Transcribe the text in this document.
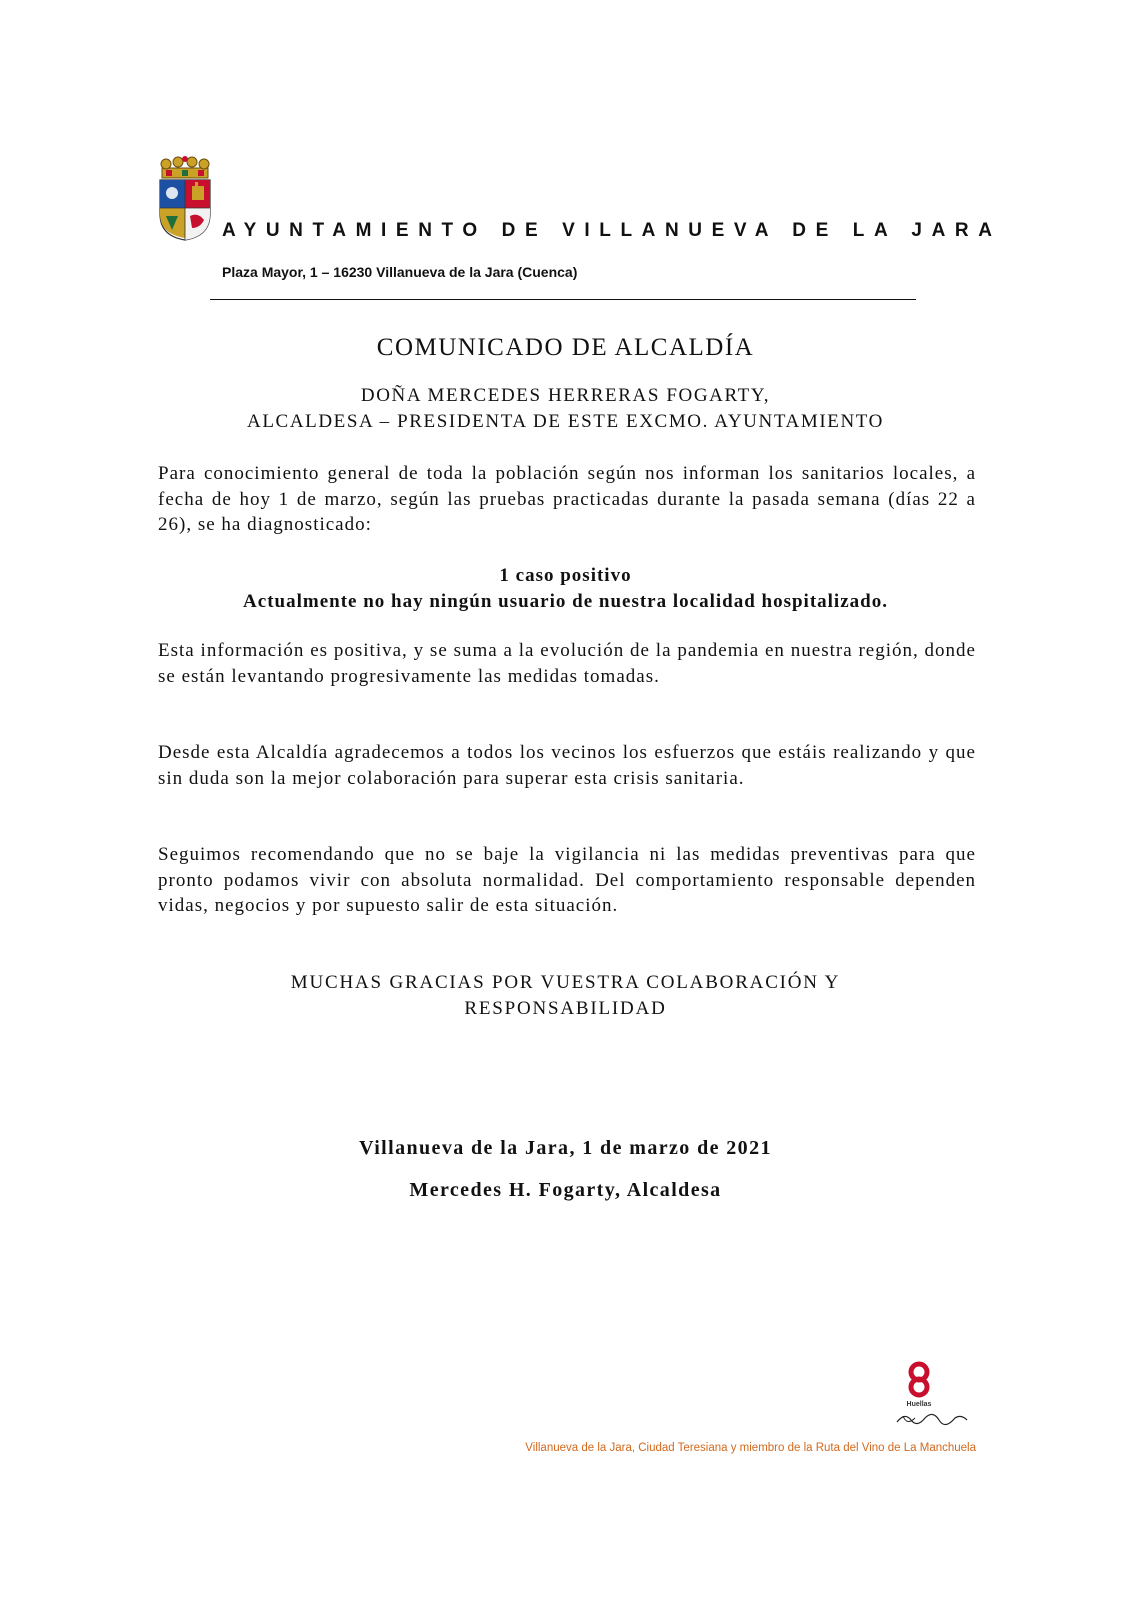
AYUNTAMIENTO DE VILLANUEVA DE LA JARA
Plaza Mayor, 1 – 16230 Villanueva de la Jara (Cuenca)
COMUNICADO DE ALCALDÍA
DOÑA MERCEDES HERRERAS FOGARTY,
ALCALDESA – PRESIDENTA DE ESTE EXCMO. AYUNTAMIENTO

Para conocimiento general de toda la población según nos informan los sanitarios locales, a fecha de hoy 1 de marzo, según las pruebas practicadas durante la pasada semana (días 22 a 26), se ha diagnosticado:

1 caso positivo
Actualmente no hay ningún usuario de nuestra localidad hospitalizado.

Esta información es positiva, y se suma a la evolución de la pandemia en nuestra región, donde se están levantando progresivamente las medidas tomadas.

Desde esta Alcaldía agradecemos a todos los vecinos los esfuerzos que estáis realizando y que sin duda son la mejor colaboración para superar esta crisis sanitaria.

Seguimos recomendando que no se baje la vigilancia ni las medidas preventivas para que pronto podamos vivir con absoluta normalidad. Del comportamiento responsable dependen vidas, negocios y por supuesto salir de esta situación.

MUCHAS GRACIAS POR VUESTRA COLABORACIÓN Y
RESPONSABILIDAD
Villanueva de la Jara, 1 de marzo de 2021
Mercedes H. Fogarty, Alcaldesa
Huellas
Villanueva de la Jara, Ciudad Teresiana y miembro de la Ruta del Vino de La Manchuela
